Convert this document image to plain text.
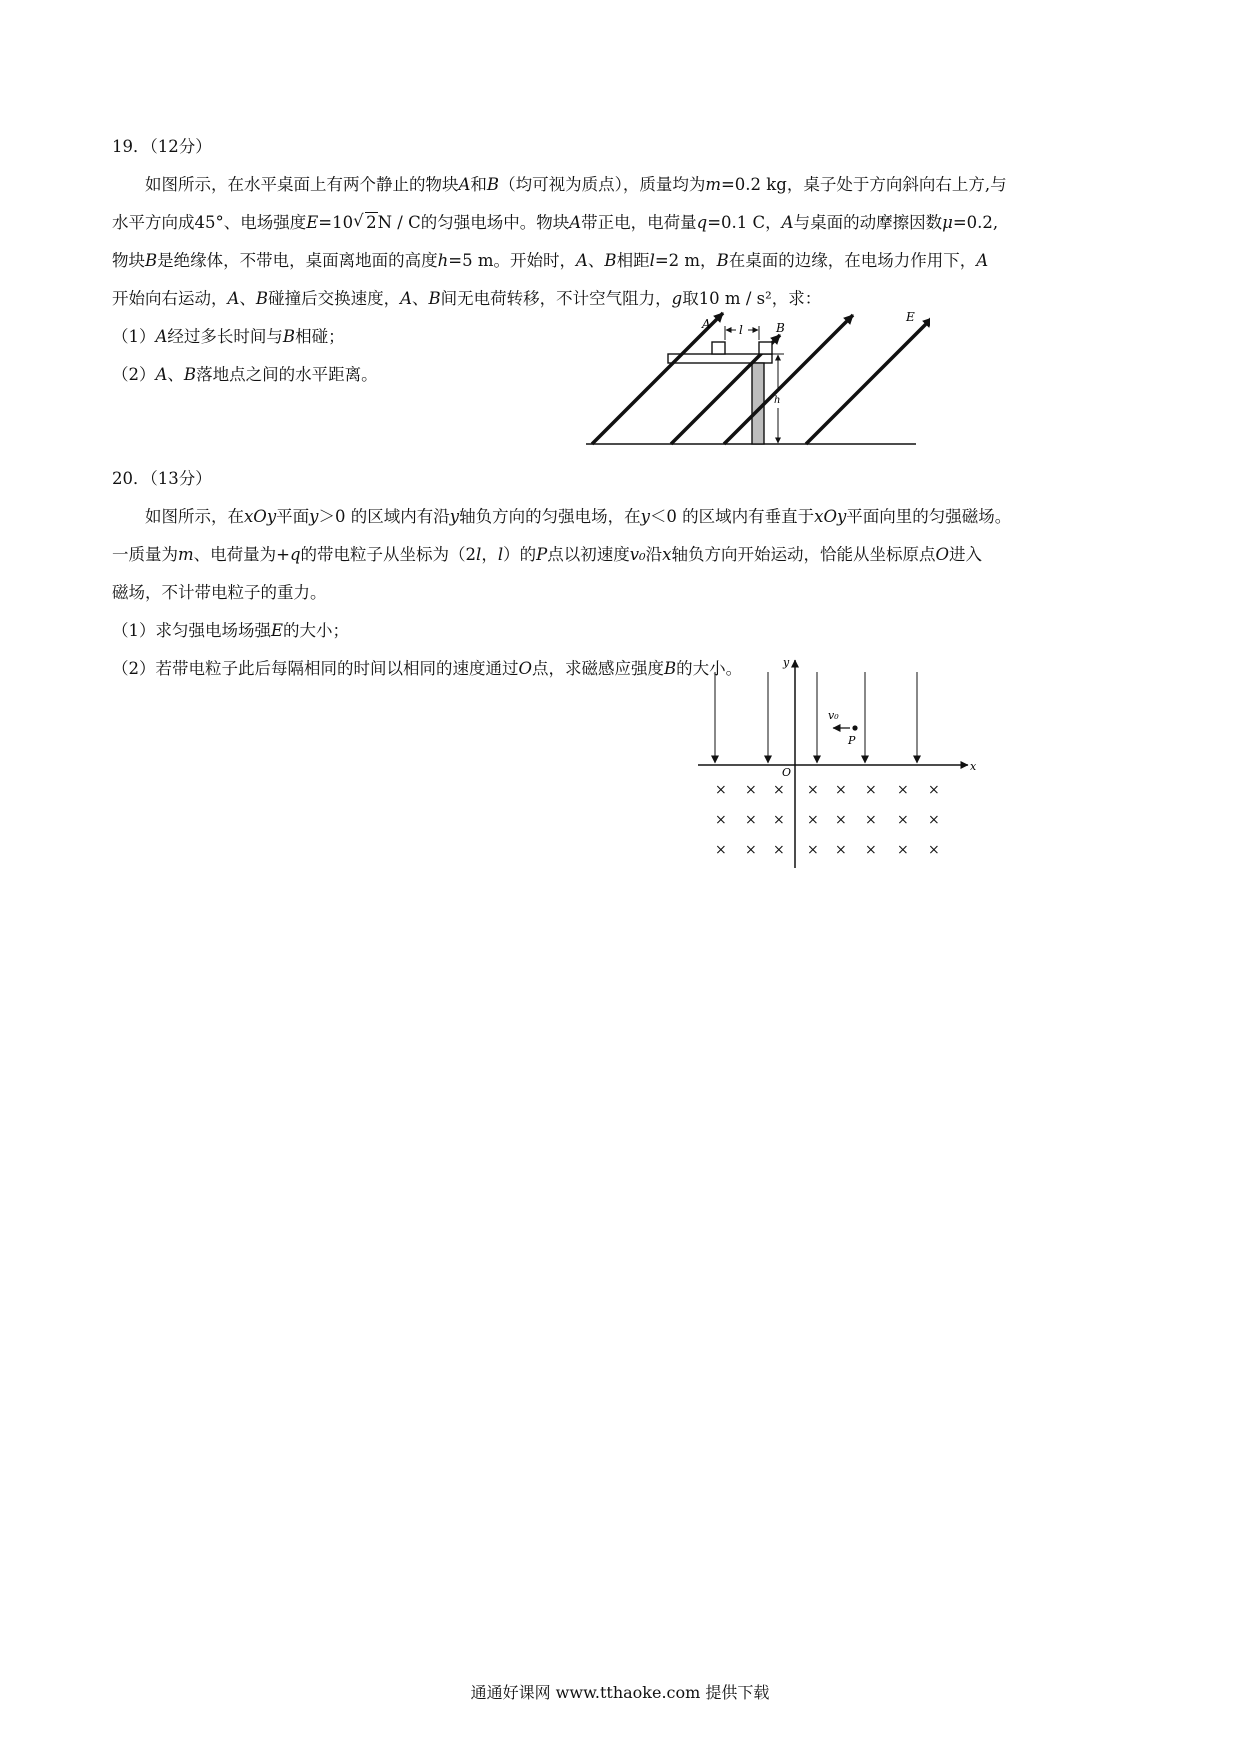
19．（12分）
如图所示，在水平桌面上有两个静止的物块A和B（均可视为质点），质量均为m=0.2 kg，桌子处于方向斜向右上方,与
水平方向成45°、电场强度E=10 √ 2N / C的匀强电场中。物块A带正电，电荷量q=0.1 C，A与桌面的动摩擦因数μ=0.2,
物块B是绝缘体，不带电，桌面离地面的高度h=5 m。开始时，A、B相距l=2 m，B在桌面的边缘，在电场力作用下，A
开始向右运动，A、B碰撞后交换速度，A、B间无电荷转移，不计空气阻力，g取10 m / s²，求：
（1）A经过多长时间与B相碰；
（2）A、B落地点之间的水平距离。
A	B
l
h
E
20．（13分）
如图所示，在xOy平面y＞0 的区域内有沿y轴负方向的匀强电场，在y＜0 的区域内有垂直于xOy平面向里的匀强磁场。
一质量为m、电荷量为+q的带电粒子从坐标为（2l，l）的P点以初速度v₀沿x轴负方向开始运动，恰能从坐标原点O进入
磁场，不计带电粒子的重力。
（1）求匀强电场场强E的大小；
（2）若带电粒子此后每隔相同的时间以相同的速度通过O点，求磁感应强度B的大小。
v₀
P
y
x
O
× × × × × × × ×
× × × × × × × ×
× × × × × × × ×
通通好课网 www.tthaoke.com 提供下载
